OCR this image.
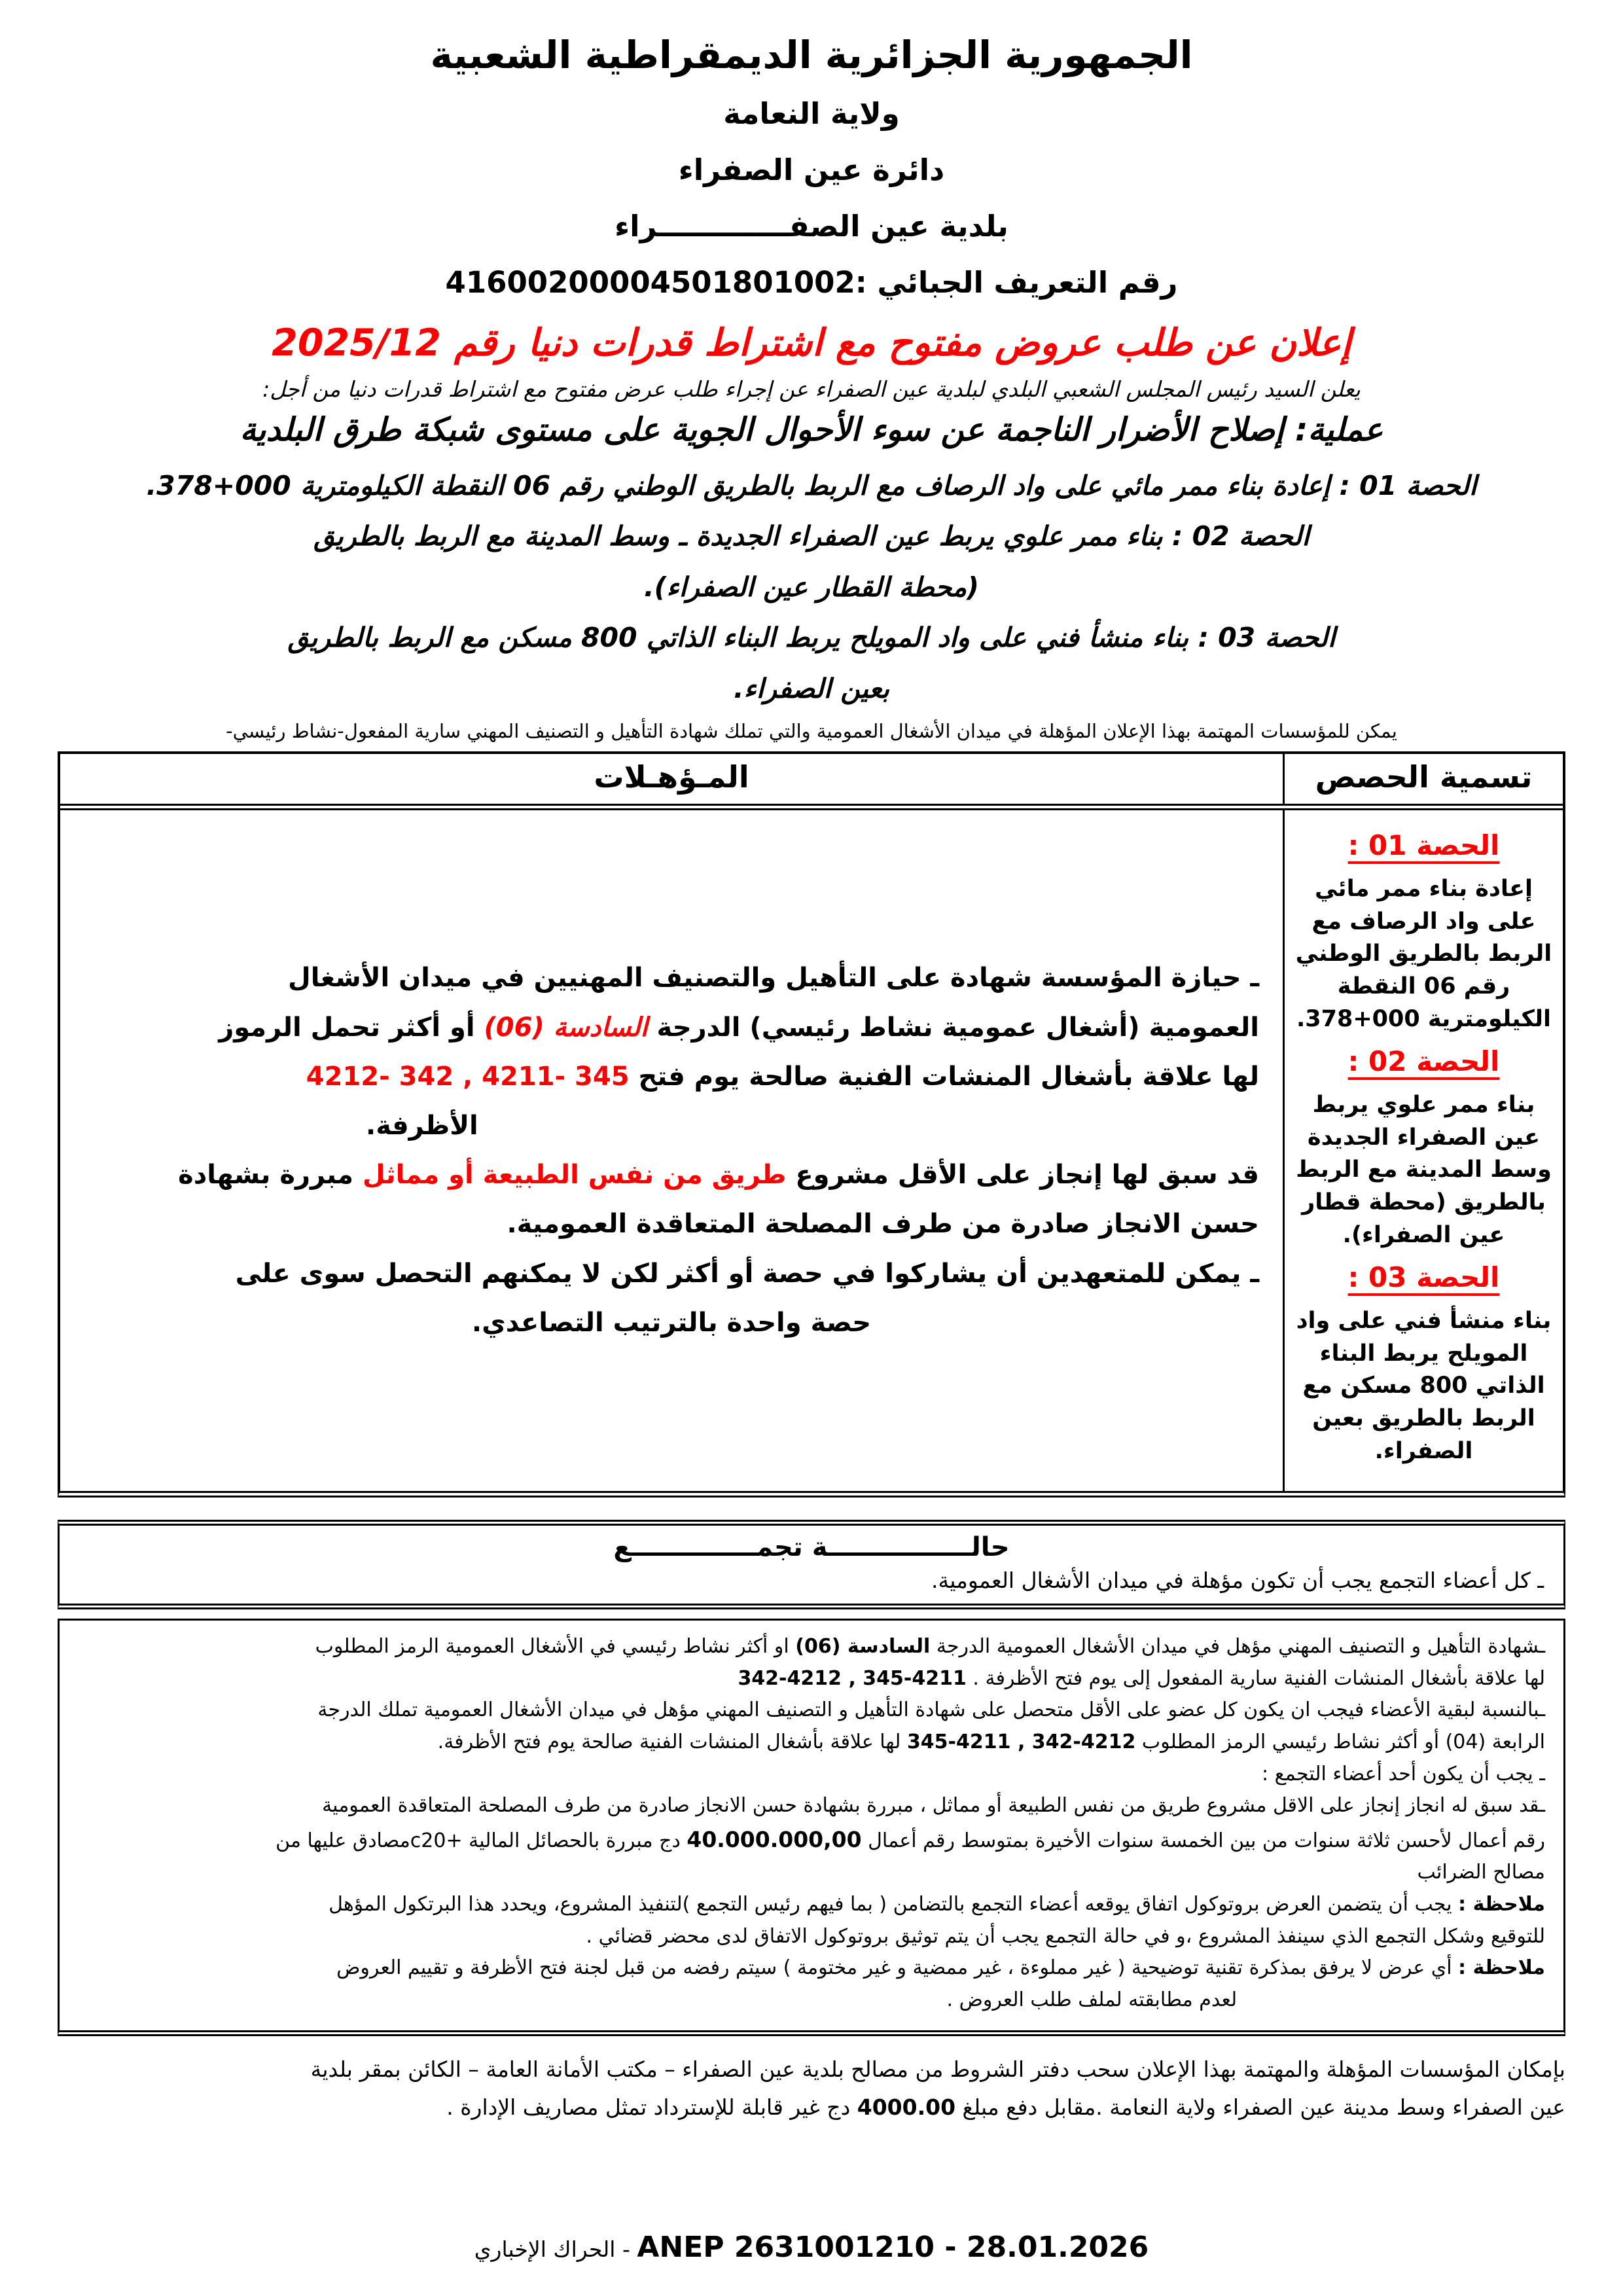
الجمهورية الجزائرية الديمقراطية الشعبية
ولاية النعامة
دائرة عين الصفراء
بلدية عين الصفـــــــــــــراء
رقم التعريف الجبائي :41600200004501801002
إعلان عن طلب عروض مفتوح مع اشتراط قدرات دنيا رقم 2025/12
يعلن السيد رئيس المجلس الشعبي البلدي لبلدية عين الصفراء عن إجراء طلب عرض مفتوح مع اشتراط قدرات دنيا من أجل:
عملية: إصلاح الأضرار الناجمة عن سوء الأحوال الجوية على مستوى شبكة طرق البلدية
الحصة 01 : إعادة بناء ممر مائي على واد الرصاف مع الربط بالطريق الوطني رقم 06 النقطة الكيلومترية 378+000.
الحصة 02 : بناء ممر علوي يربط عين الصفراء الجديدة ـ وسط المدينة مع الربط بالطريق
(محطة القطار عين الصفراء).
الحصة 03 : بناء منشأ فني على واد المويلح يربط البناء الذاتي 800 مسكن مع الربط بالطريق
بعين الصفراء.
يمكن للمؤسسات المهتمة بهذا الإعلان المؤهلة في ميدان الأشغال العمومية والتي تملك شهادة التأهيل و التصنيف المهني سارية المفعول-نشاط رئيسي-
تسمية الحصص
المـؤهـلات
الحصة 01 :
إعادة بناء ممر مائي على واد الرصاف مع الربط بالطريق الوطني رقم 06 النقطة الكيلومترية 378+000.
الحصة 02 :
بناء ممر علوي يربط عين الصفراء الجديدة وسط المدينة مع الربط بالطريق (محطة قطار عين الصفراء).
الحصة 03 :
بناء منشأ فني على واد المويلح يربط البناء الذاتي 800 مسكن مع الربط بالطريق بعين الصفراء.
ـ حيازة المؤسسة شهادة على التأهيل والتصنيف المهنيين في ميدان الأشغال
العمومية (أشغال عمومية نشاط رئيسي) الدرجة السادسة (06) أو أكثر تحمل الرموز
لها علاقة بأشغال المنشات الفنية صالحة يوم فتح 4212- 342 , 4211- 345
الأظرفة.
قد سبق لها إنجاز على الأقل مشروع طريق من نفس الطبيعة أو مماثل مبررة بشهادة
حسن الانجاز صادرة من طرف المصلحة المتعاقدة العمومية.
ـ يمكن للمتعهدين أن يشاركوا في حصة أو أكثر لكن لا يمكنهم التحصل سوى على
حصة واحدة بالترتيب التصاعدي.
حالــــــــــــــــة تجمــــــــــــــع
ـ كل أعضاء التجمع يجب أن تكون مؤهلة في ميدان الأشغال العمومية.
ـشهادة التأهيل و التصنيف المهني مؤهل في ميدان الأشغال العمومية الدرجة السادسة (06) او أكثر نشاط رئيسي في الأشغال العمومية الرمز المطلوب
لها علاقة بأشغال المنشات الفنية سارية المفعول إلى يوم فتح الأظرفة . 342-4212 , 345-4211
ـبالنسبة لبقية الأعضاء فيجب ان يكون كل عضو على الأقل متحصل على شهادة التأهيل و التصنيف المهني مؤهل في ميدان الأشغال العمومية تملك الدرجة
الرابعة (04) أو أكثر نشاط رئيسي الرمز المطلوب 345-4211 , 342-4212 لها علاقة بأشغال المنشات الفنية صالحة يوم فتح الأظرفة.
ـ يجب أن يكون أحد أعضاء التجمع :
ـقد سبق له انجاز إنجاز على الاقل مشروع طريق من نفس الطبيعة أو مماثل ، مبررة بشهادة حسن الانجاز صادرة من طرف المصلحة المتعاقدة العمومية
رقم أعمال لأحسن ثلاثة سنوات من بين الخمسة سنوات الأخيرة بمتوسط رقم أعمال 40.000.000,00 دج مبررة بالحصائل المالية c20+مصادق عليها من
مصالح الضرائب
ملاحظة : يجب أن يتضمن العرض بروتوكول اتفاق يوقعه أعضاء التجمع بالتضامن ( بما فيهم رئيس التجمع )لتنفيذ المشروع، ويحدد هذا البرتكول المؤهل
للتوقيع وشكل التجمع الذي سينفذ المشروع ،و في حالة التجمع يجب أن يتم توثيق بروتوكول الاتفاق لدى محضر قضائي .
ملاحظة : أي عرض لا يرفق بمذكرة تقنية توضيحية ( غير مملوءة ، غير ممضية و غير مختومة ) سيتم رفضه من قبل لجنة فتح الأظرفة و تقييم العروض
لعدم مطابقته لملف طلب العروض .
بإمكان المؤسسات المؤهلة والمهتمة بهذا الإعلان سحب دفتر الشروط من مصالح بلدية عين الصفراء – مكتب الأمانة العامة – الكائن بمقر بلدية
عين الصفراء وسط مدينة عين الصفراء ولاية النعامة .مقابل دفع مبلغ 4000.00 دج غير قابلة للإسترداد تمثل مصاريف الإدارة .
ANEP 2631001210 - 28.01.2026 - الحراك الإخباري
